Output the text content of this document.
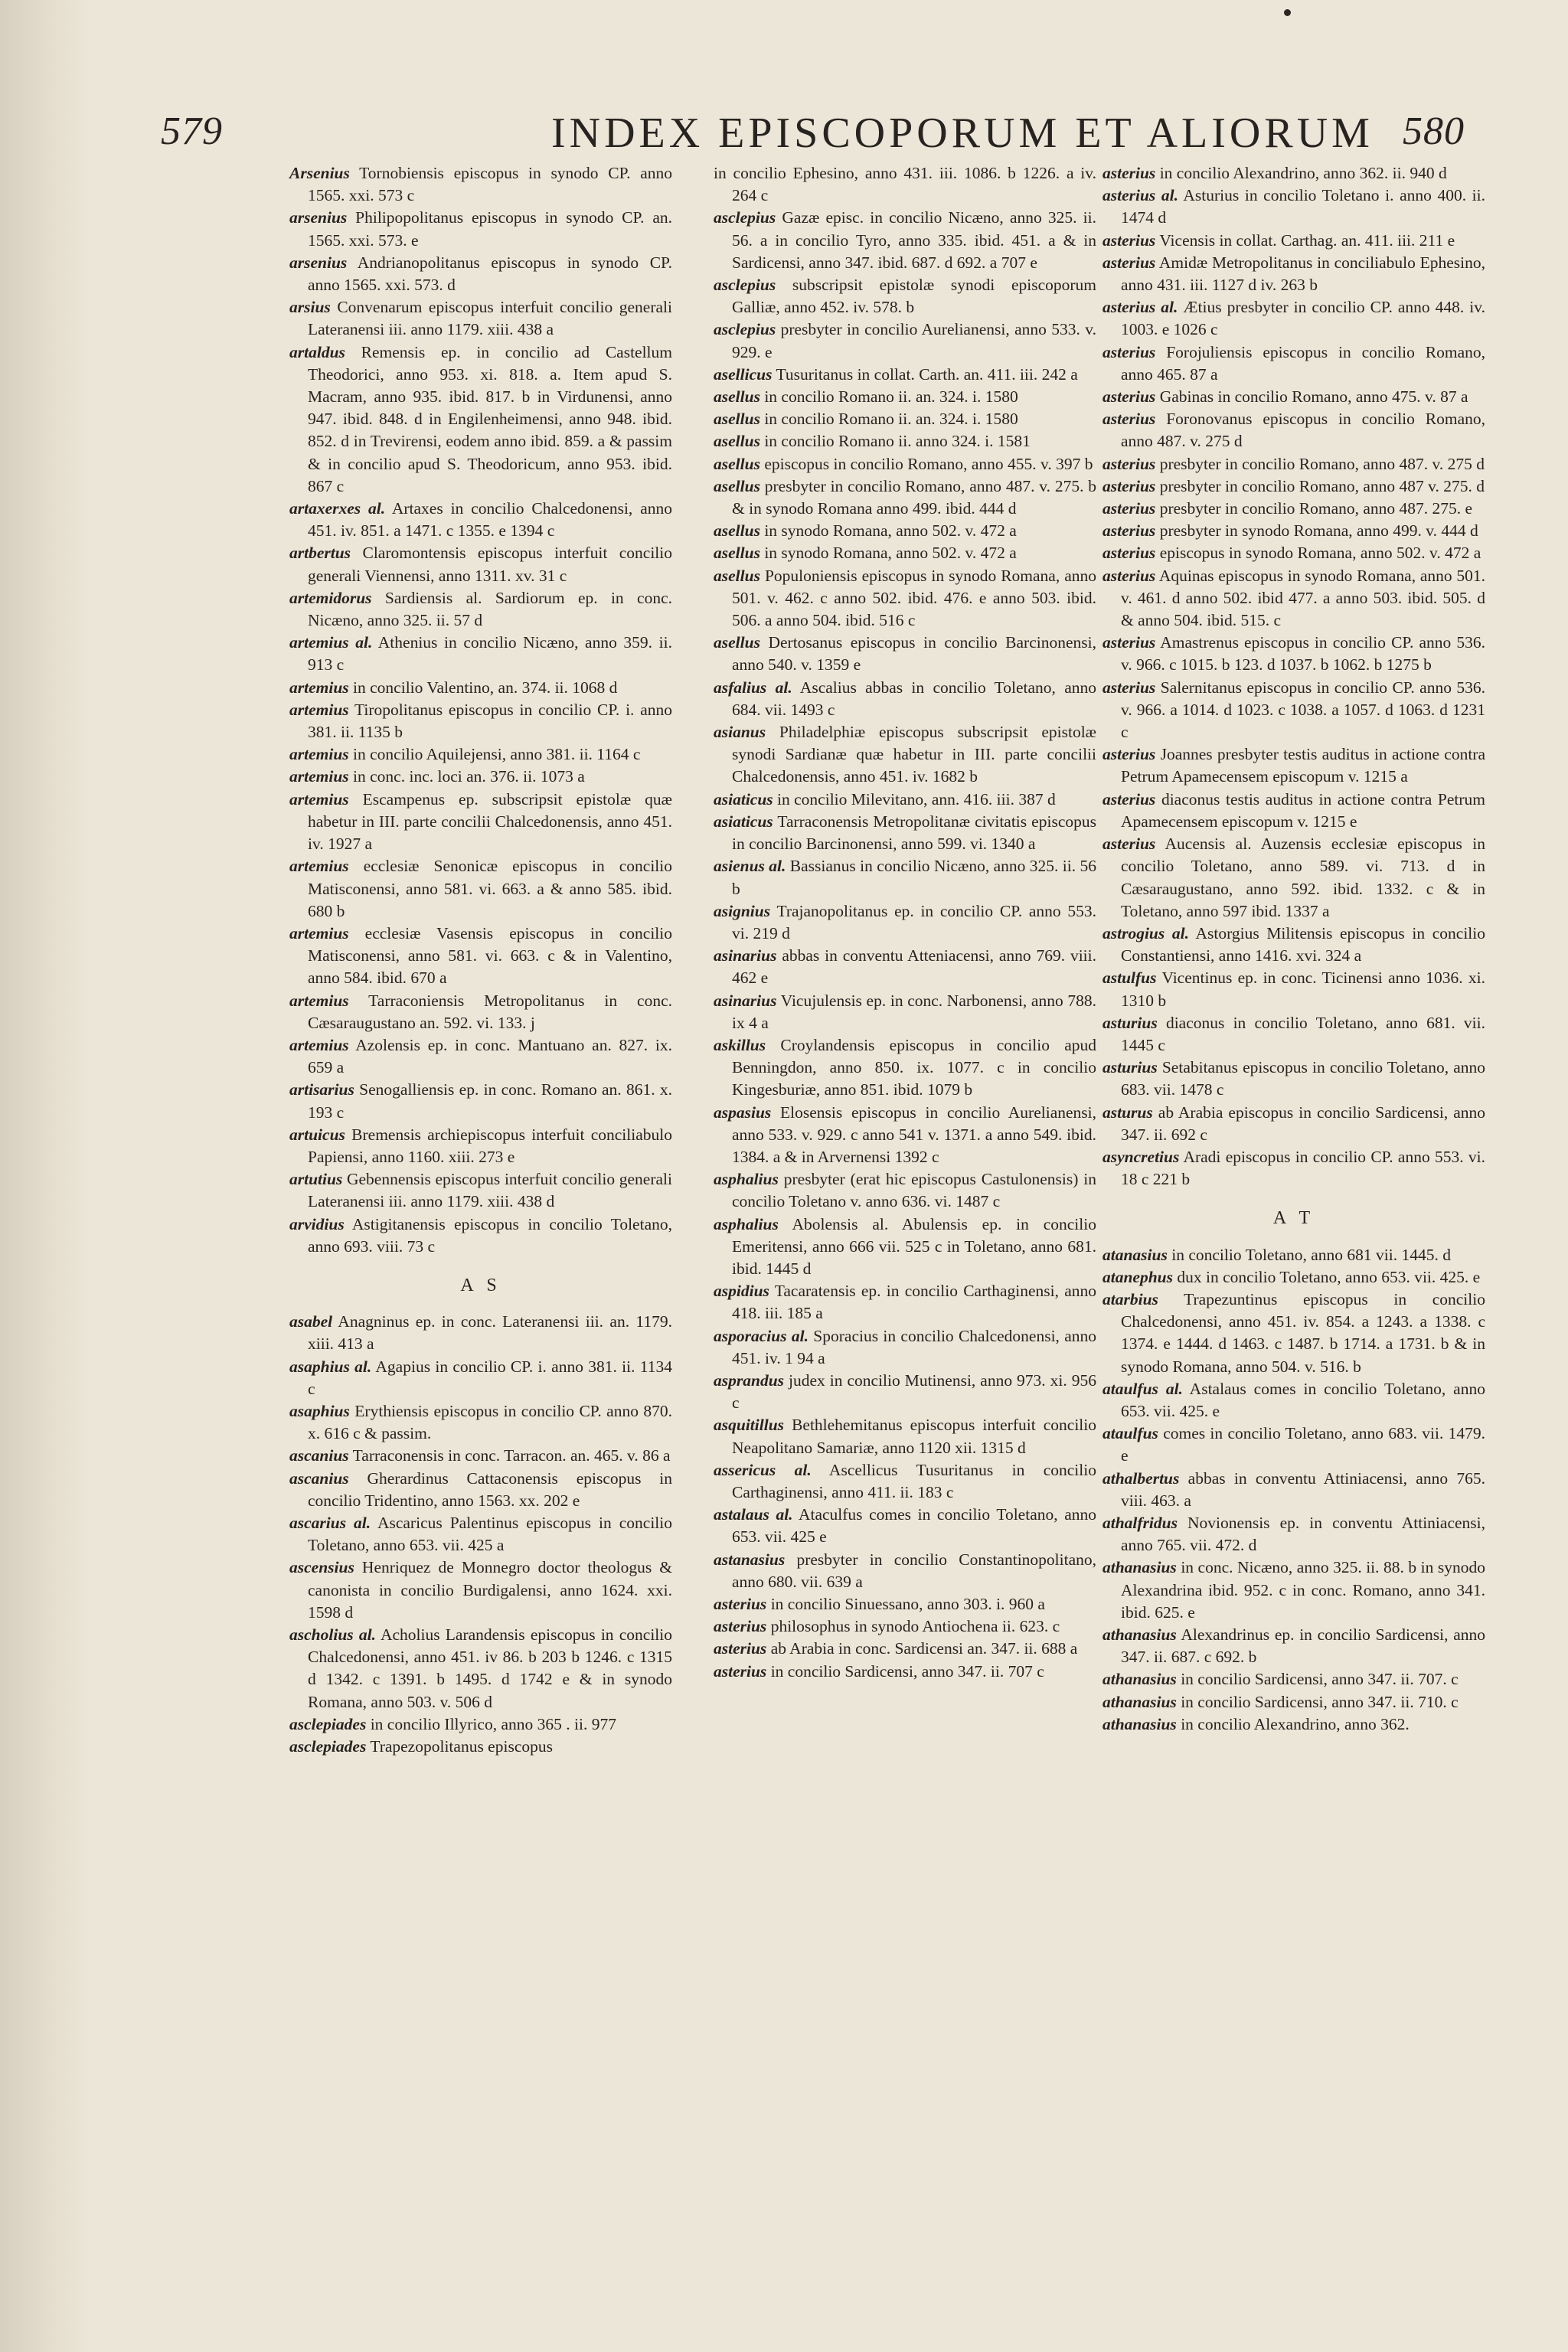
579	INDEX EPISCOPORUM ET ALIORUM 580

Arsenius Tornobiensis episcopus in synodo CP. anno 1565. xxi. 573 c

arsenius Philipopolitanus episcopus in synodo CP. an. 1565. xxi. 573. e

arsenius Andrianopolitanus episcopus in synodo CP. anno 1565. xxi. 573. d

arsius Convenarum episcopus interfuit concilio generali Lateranensi iii. anno 1179. xiii. 438 a

artaldus Remensis ep. in concilio ad Castellum Theodorici, anno 953. xi. 818. a. Item apud S. Macram, anno 935. ibid. 817. b in Virdunensi, anno 947. ibid. 848. d in Engilenheimensi, anno 948. ibid. 852. d in Trevirensi, eodem anno ibid. 859. a & passim & in concilio apud S. Theodoricum, anno 953. ibid. 867 c

artaxerxes al. Artaxes in concilio Chalcedonensi, anno 451. iv. 851. a 1471. c 1355. e 1394 c

artbertus Claromontensis episcopus interfuit concilio generali Viennensi, anno 1311. xv. 31 c

artemidorus Sardiensis al. Sardiorum ep. in conc. Nicæno, anno 325. ii. 57 d

artemius al. Athenius in concilio Nicæno, anno 359. ii. 913 c

artemius in concilio Valentino, an. 374. ii. 1068 d

artemius Tiropolitanus episcopus in concilio CP. i. anno 381. ii. 1135 b

artemius in concilio Aquilejensi, anno 381. ii. 1164 c

artemius in conc. inc. loci an. 376. ii. 1073 a

artemius Escampenus ep. subscripsit epistolæ quæ habetur in III. parte concilii Chalcedonensis, anno 451. iv. 1927 a

artemius ecclesiæ Senonicæ episcopus in concilio Matisconensi, anno 581. vi. 663. a & anno 585. ibid. 680 b

artemius ecclesiæ Vasensis episcopus in concilio Matisconensi, anno 581. vi. 663. c & in Valentino, anno 584. ibid. 670 a

artemius Tarraconiensis Metropolitanus in conc. Cæsaraugustano an. 592. vi. 133. j

artemius Azolensis ep. in conc. Mantuano an. 827. ix. 659 a

artisarius Senogalliensis ep. in conc. Romano an. 861. x. 193 c

artuicus Bremensis archiepiscopus interfuit conciliabulo Papiensi, anno 1160. xiii. 273 e

artutius Gebennensis episcopus interfuit concilio generali Lateranensi iii. anno 1179. xiii. 438 d

arvidius Astigitanensis episcopus in concilio Toletano, anno 693. viii. 73 c

A S

asabel Anagninus ep. in conc. Lateranensi iii. an. 1179. xiii. 413 a

asaphius al. Agapius in concilio CP. i. anno 381. ii. 1134 c

asaphius Erythiensis episcopus in concilio CP. anno 870. x. 616 c & passim.

ascanius Tarraconensis in conc. Tarracon. an. 465. v. 86 a

ascanius Gherardinus Cattaconensis episcopus in concilio Tridentino, anno 1563. xx. 202 e

ascarius al. Ascaricus Palentinus episcopus in concilio Toletano, anno 653. vii. 425 a

ascensius Henriquez de Monnegro doctor theologus & canonista in concilio Burdigalensi, anno 1624. xxi. 1598 d

ascholius al. Acholius Larandensis episcopus in concilio Chalcedonensi, anno 451. iv 86. b 203 b 1246. c 1315 d 1342. c 1391. b 1495. d 1742 e & in synodo Romana, anno 503. v. 506 d

asclepiades in concilio Illyrico, anno 365 . ii. 977

asclepiades Trapezopolitanus episcopus

in concilio Ephesino, anno 431. iii. 1086. b 1226. a iv. 264 c

asclepius Gazæ episc. in concilio Nicæno, anno 325. ii. 56. a in concilio Tyro, anno 335. ibid. 451. a & in Sardicensi, anno 347. ibid. 687. d 692. a 707 e

asclepius subscripsit epistolæ synodi episcoporum Galliæ, anno 452. iv. 578. b

asclepius presbyter in concilio Aurelianensi, anno 533. v. 929. e

asellicus Tusuritanus in collat. Carth. an. 411. iii. 242 a

asellus in concilio Romano ii. an. 324. i. 1580

asellus in concilio Romano ii. an. 324. i. 1580

asellus in concilio Romano ii. anno 324. i. 1581

asellus episcopus in concilio Romano, anno 455. v. 397 b

asellus presbyter in concilio Romano, anno 487. v. 275. b & in synodo Romana anno 499. ibid. 444 d

asellus in synodo Romana, anno 502. v. 472 a

asellus in synodo Romana, anno 502. v. 472 a

asellus Populoniensis episcopus in synodo Romana, anno 501. v. 462. c anno 502. ibid. 476. e anno 503. ibid. 506. a anno 504. ibid. 516 c

asellus Dertosanus episcopus in concilio Barcinonensi, anno 540. v. 1359 e

asfalius al. Ascalius abbas in concilio Toletano, anno 684. vii. 1493 c

asianus Philadelphiæ episcopus subscripsit epistolæ synodi Sardianæ quæ habetur in III. parte concilii Chalcedonensis, anno 451. iv. 1682 b

asiaticus in concilio Milevitano, ann. 416. iii. 387 d

asiaticus Tarraconensis Metropolitanæ civitatis episcopus in concilio Barcinonensi, anno 599. vi. 1340 a

asienus al. Bassianus in concilio Nicæno, anno 325. ii. 56 b

asignius Trajanopolitanus ep. in concilio CP. anno 553. vi. 219 d

asinarius abbas in conventu Atteniacensi, anno 769. viii. 462 e

asinarius Vicujulensis ep. in conc. Narbonensi, anno 788. ix 4 a

askillus Croylandensis episcopus in concilio apud Benningdon, anno 850. ix. 1077. c in concilio Kingesburiæ, anno 851. ibid. 1079 b

aspasius Elosensis episcopus in concilio Aurelianensi, anno 533. v. 929. c anno 541 v. 1371. a anno 549. ibid. 1384. a & in Arvernensi 1392 c

asphalius presbyter (erat hic episcopus Castulonensis) in concilio Toletano v. anno 636. vi. 1487 c

asphalius Abolensis al. Abulensis ep. in concilio Emeritensi, anno 666 vii. 525 c in Toletano, anno 681. ibid. 1445 d

aspidius Tacaratensis ep. in concilio Carthaginensi, anno 418. iii. 185 a

asporacius al. Sporacius in concilio Chalcedonensi, anno 451. iv. 1 94 a

asprandus judex in concilio Mutinensi, anno 973. xi. 956 c

asquitillus Bethlehemitanus episcopus interfuit concilio Neapolitano Samariæ, anno 1120 xii. 1315 d

assericus al. Ascellicus Tusuritanus in concilio Carthaginensi, anno 411. ii. 183 c

astalaus al. Ataculfus comes in concilio Toletano, anno 653. vii. 425 e

astanasius presbyter in concilio Constantinopolitano, anno 680. vii. 639 a

asterius in concilio Sinuessano, anno 303. i. 960 a

asterius philosophus in synodo Antiochena ii. 623. c

asterius ab Arabia in conc. Sardicensi an. 347. ii. 688 a

asterius in concilio Sardicensi, anno 347. ii. 707 c

asterius in concilio Alexandrino, anno 362. ii. 940 d

asterius al. Asturius in concilio Toletano i. anno 400. ii. 1474 d

asterius Vicensis in collat. Carthag. an. 411. iii. 211 e

asterius Amidæ Metropolitanus in conciliabulo Ephesino, anno 431. iii. 1127 d iv. 263 b

asterius al. Ætius presbyter in concilio CP. anno 448. iv. 1003. e 1026 c

asterius Forojuliensis episcopus in concilio Romano, anno 465. 87 a

asterius Gabinas in concilio Romano, anno 475. v. 87 a

asterius Foronovanus episcopus in concilio Romano, anno 487. v. 275 d

asterius presbyter in concilio Romano, anno 487. v. 275 d

asterius presbyter in concilio Romano, anno 487 v. 275. d

asterius presbyter in concilio Romano, anno 487. 275. e

asterius presbyter in synodo Romana, anno 499. v. 444 d

asterius episcopus in synodo Romana, anno 502. v. 472 a

asterius Aquinas episcopus in synodo Romana, anno 501. v. 461. d anno 502. ibid 477. a anno 503. ibid. 505. d & anno 504. ibid. 515. c

asterius Amastrenus episcopus in concilio CP. anno 536. v. 966. c 1015. b 123. d 1037. b 1062. b 1275 b

asterius Salernitanus episcopus in concilio CP. anno 536. v. 966. a 1014. d 1023. c 1038. a 1057. d 1063. d 1231 c

asterius Joannes presbyter testis auditus in actione contra Petrum Apamecensem episcopum v. 1215 a

asterius diaconus testis auditus in actione contra Petrum Apamecensem episcopum v. 1215 e

asterius Aucensis al. Auzensis ecclesiæ episcopus in concilio Toletano, anno 589. vi. 713. d in Cæsaraugustano, anno 592. ibid. 1332. c & in Toletano, anno 597 ibid. 1337 a

astrogius al. Astorgius Militensis episcopus in concilio Constantiensi, anno 1416. xvi. 324 a

astulfus Vicentinus ep. in conc. Ticinensi anno 1036. xi. 1310 b

asturius diaconus in concilio Toletano, anno 681. vii. 1445 c

asturius Setabitanus episcopus in concilio Toletano, anno 683. vii. 1478 c

asturus ab Arabia episcopus in concilio Sardicensi, anno 347. ii. 692 c

asyncretius Aradi episcopus in concilio CP. anno 553. vi. 18 c 221 b

A T

atanasius in concilio Toletano, anno 681 vii. 1445. d

atanephus dux in concilio Toletano, anno 653. vii. 425. e

atarbius Trapezuntinus episcopus in concilio Chalcedonensi, anno 451. iv. 854. a 1243. a 1338. c 1374. e 1444. d 1463. c 1487. b 1714. a 1731. b & in synodo Romana, anno 504. v. 516. b

ataulfus al. Astalaus comes in concilio Toletano, anno 653. vii. 425. e

ataulfus comes in concilio Toletano, anno 683. vii. 1479. e

athalbertus abbas in conventu Attiniacensi, anno 765. viii. 463. a

athalfridus Novionensis ep. in conventu Attiniacensi, anno 765. vii. 472. d

athanasius in conc. Nicæno, anno 325. ii. 88. b in synodo Alexandrina ibid. 952. c in conc. Romano, anno 341. ibid. 625. e

athanasius Alexandrinus ep. in concilio Sardicensi, anno 347. ii. 687. c 692. b

athanasius in concilio Sardicensi, anno 347. ii. 707. c

athanasius in concilio Sardicensi, anno 347. ii. 710. c

athanasius in concilio Alexandrino, anno 362.
